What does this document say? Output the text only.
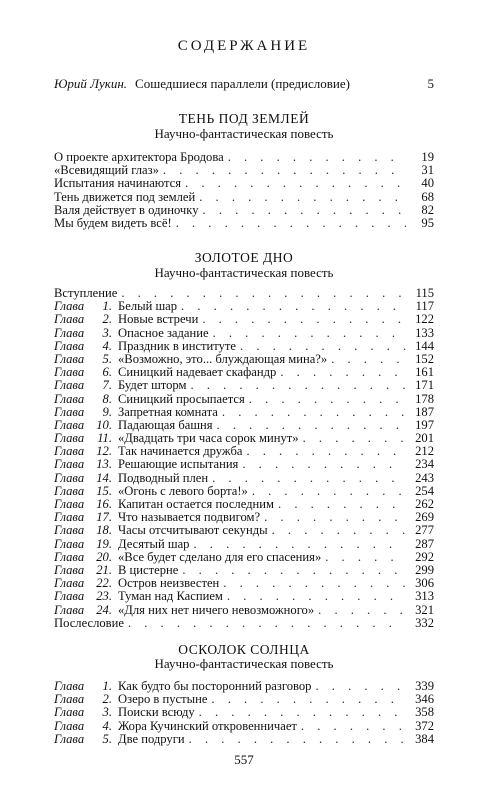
СОДЕРЖАНИЕ
Юрий Лукин. Сошедшиеся параллели (предисловие)	5
ТЕНЬ ПОД ЗЕМЛЕЙ
Научно-фантастическая повесть
О проекте архитектора Бродова . . .	19
«Всевидящий глаз» . . .	31
Испытания начинаются . . .	40
Тень движется под землей . . .	68
Валя действует в одиночку . . .	82
Мы будем видеть всё! . . .	95
ЗОЛОТОЕ ДНО
Научно-фантастическая повесть
Вступление . . .	115
Глава	1. Белый шар . . .	117
Глава	2. Новые встречи . . .	122
Глава	3. Опасное задание . . .	133
Глава	4. Праздник в институте . . .	144
Глава	5. «Возможно, это... блуждающая мина?» . . .	152
Глава	6. Синицкий надевает скафандр . . .	161
Глава	7. Будет шторм . . .	171
Глава	8. Синицкий просыпается . . .	178
Глава	9. Запретная комната . . .	187
Глава 10. Падающая башня . . .	197
Глава	11. «Двадцать три часа сорок минут» . . .	201
Глава 12. Так начинается дружба . . .	212
Глава 13. Решающие испытания . . .	234
Глава 14. Подводный плен . . .	243
Глава 15. «Огонь с левого борта!» . . .	254
Глава 16. Капитан остается последним . . .	262
Глава 17. Что называется подвигом? . . .	269
Глава 18. Часы отсчитывают секунды . . .	277
Глава 19. Десятый шар . . .	287
Глава 20. «Все будет сделано для его спасения» . . .	292
Глава 21. В цистерне . . .	299
Глава 22. Остров неизвестен . . .	306
Глава 23. Туман над Каспием . . .	313
Глава 24. «Для них нет ничего невозможного» . . .	321
Послесловие . . .	332
ОСКОЛОК СОЛНЦА
Научно-фантастическая повесть
Глава	1. Как будто бы посторонний разговор . . .	339
Глава	2. Озеро в пустыне . . .	346
Глава	3. Поиски всюду . . .	358
Глава	4. Жора Кучинский откровенничает . . .	372
Глава	5. Две подруги . . .	384
557
